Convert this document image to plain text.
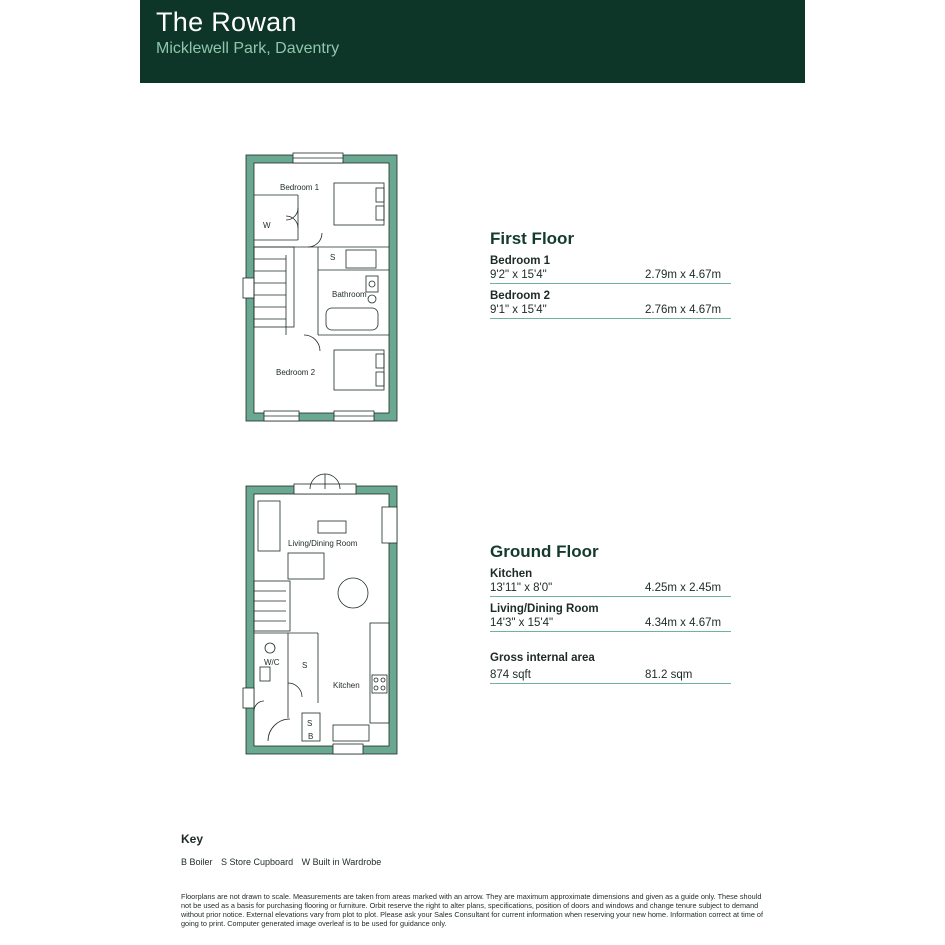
The Rowan
Micklewell Park, Daventry
Bedroom 1
W
S
Bathroom
Bedroom 2
Living/Dining Room
W/C	S
Kitchen
S
B
First Floor
Bedroom 1
9'2" x 15'4"	2.79m x 4.67m
Bedroom 2
9'1" x 15'4"	2.76m x 4.67m
Ground Floor
Kitchen
13'11" x 8'0"	4.25m x 2.45m
Living/Dining Room
14'3" x 15'4"	4.34m x 4.67m
Gross internal area
874 sqft	81.2 sqm
Key
B Boiler S Store Cupboard W Built in Wardrobe
Floorplans are not drawn to scale. Measurements are taken from areas marked with an arrow. They are maximum approximate dimensions and given as a guide only. These should not be used as a basis for purchasing flooring or furniture. Orbit reserve the right to alter plans, specifications, position of doors and windows and change tenure subject to demand without prior notice. External elevations vary from plot to plot. Please ask your Sales Consultant for current information when reserving your new home. Information correct at time of going to print. Computer generated image overleaf is to be used for guidance only.
